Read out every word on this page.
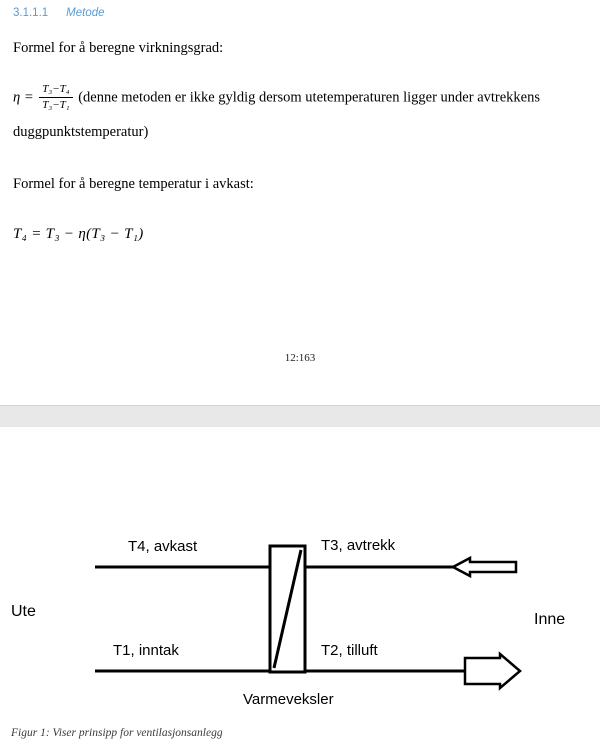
3.1.1.1 Metode
Formel for å beregne virkningsgrad:
$\eta = \frac{\text{T₃−T₄}}{\text{T₃−T₁}}$ (denne metoden er ikke gyldig dersom utetemperaturen ligger under avtrekkens
duggpunktstemperatur)
Formel for å beregne temperatur i avkast:
T₄ = T₃ − η(T₃ − T₁)
12:163
T4, avkast	T3, avtrekk
T1, inntak	T2, tilluft
Ute	Inne
Varmeveksler
Figur 1: Viser prinsipp for ventilasjonsanlegg
